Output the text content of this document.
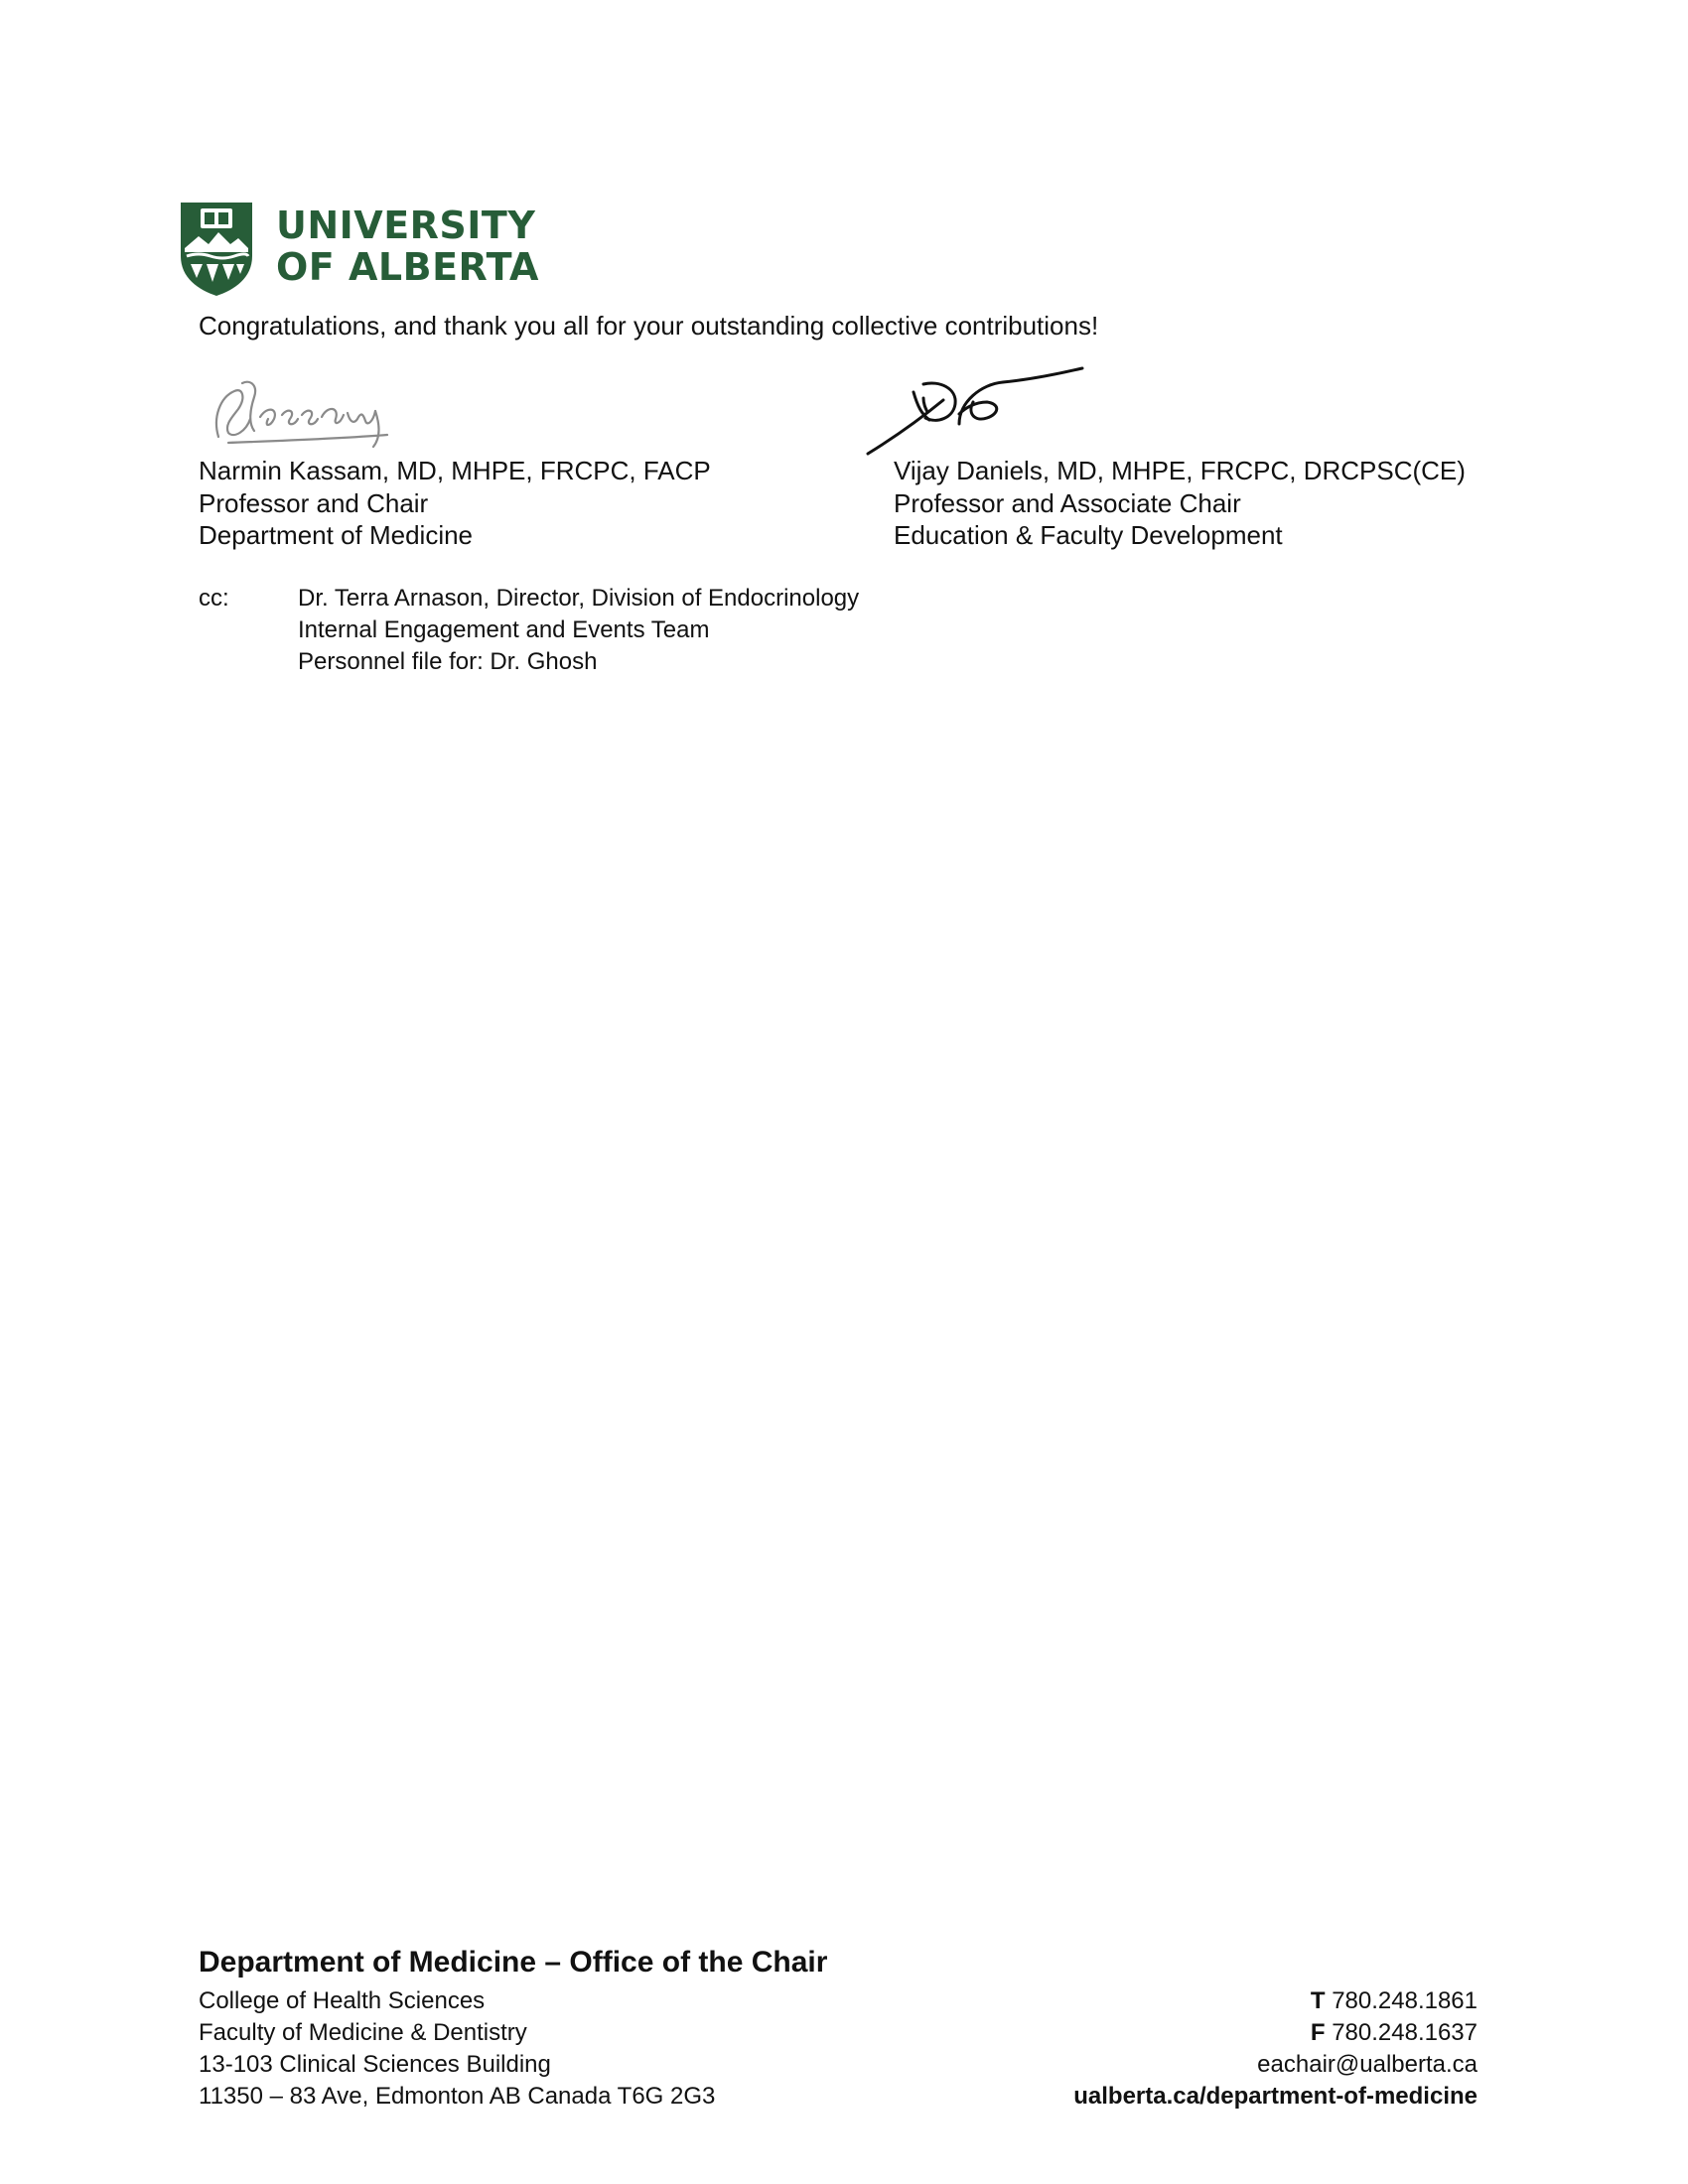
UNIVERSITY
OF ALBERTA
Congratulations, and thank you all for your outstanding collective contributions!
Narmin Kassam, MD, MHPE, FRCPC, FACP
Professor and Chair
Department of Medicine
Vijay Daniels, MD, MHPE, FRCPC, DRCPSC(CE)
Professor and Associate Chair
Education & Faculty Development
cc:	Dr. Terra Arnason, Director, Division of Endocrinology
Internal Engagement and Events Team
Personnel file for: Dr. Ghosh
Department of Medicine – Office of the Chair
College of Health Sciences
Faculty of Medicine & Dentistry
13-103 Clinical Sciences Building
11350 – 83 Ave, Edmonton AB Canada T6G 2G3
T 780.248.1861
F 780.248.1637
eachair@ualberta.ca
ualberta.ca/department-of-medicine
